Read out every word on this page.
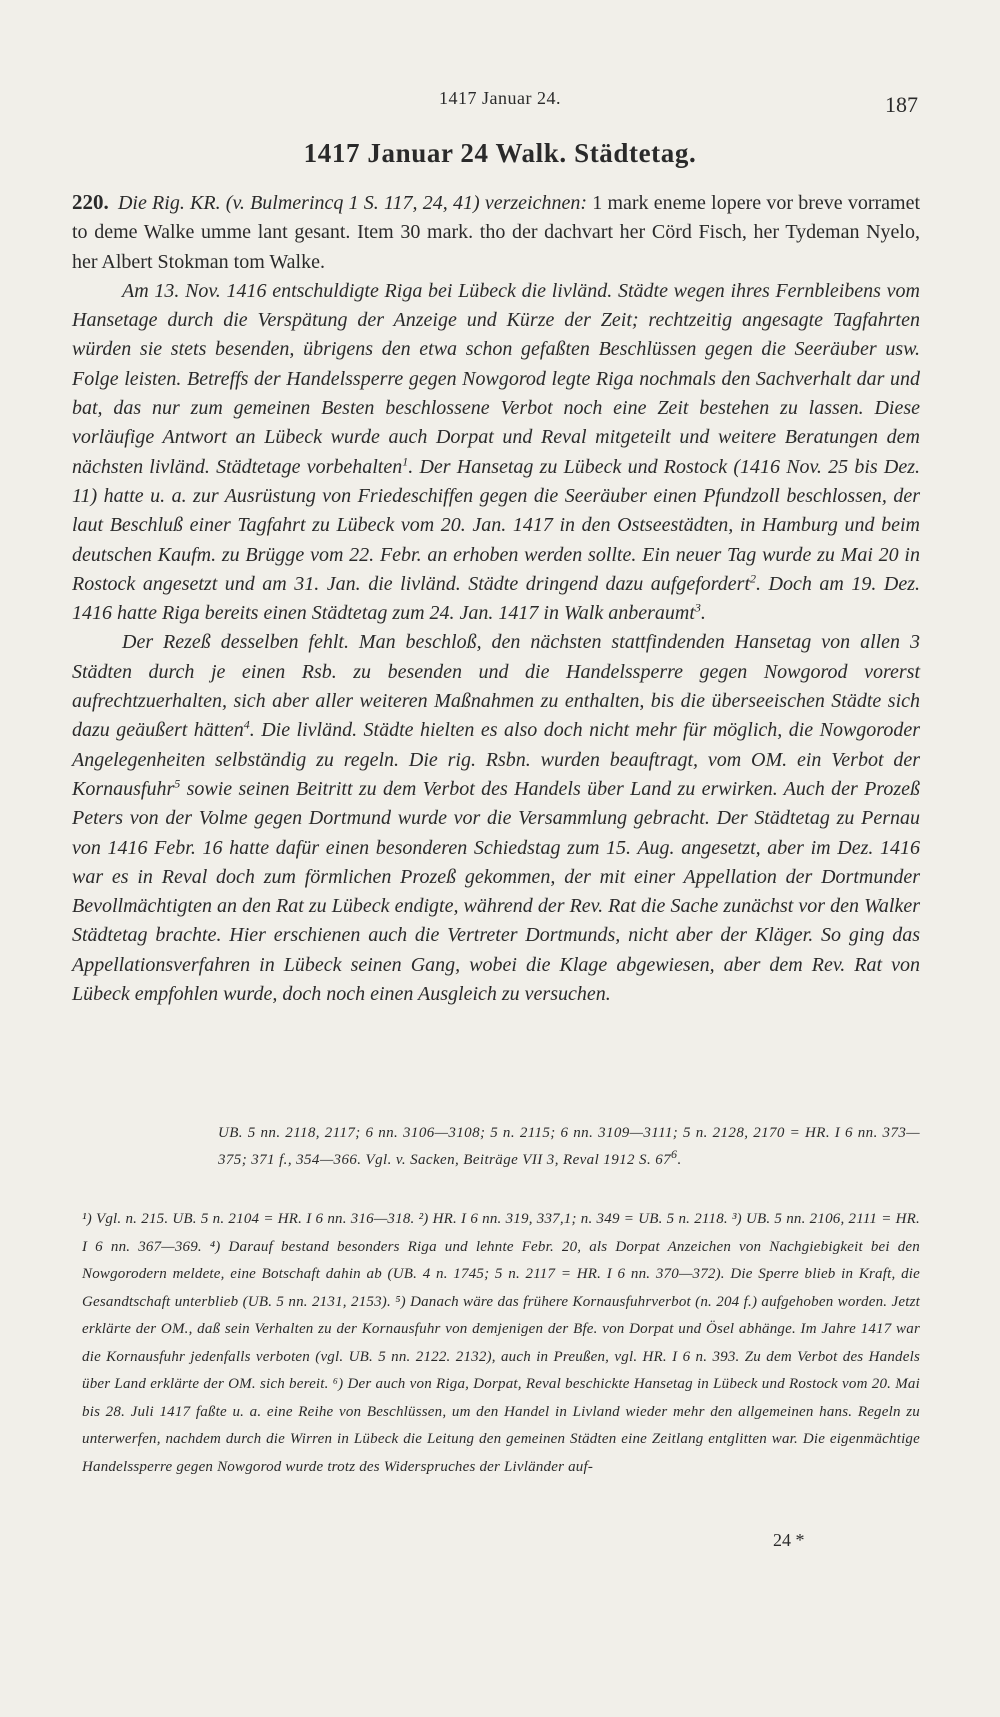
1417 Januar 24.	187
1417 Januar 24 Walk. Städtetag.

220. Die Rig. KR. (v. Bulmerincq 1 S. 117, 24, 41) verzeichnen: 1 mark eneme lopere vor breve vorramet to deme Walke umme lant gesant. Item 30 mark. tho der dachvart her Cörd Fisch, her Tydeman Nyelo, her Albert Stokman tom Walke.

Am 13. Nov. 1416 entschuldigte Riga bei Lübeck die livländ. Städte wegen ihres Fernbleibens vom Hansetage durch die Verspätung der Anzeige und Kürze der Zeit; rechtzeitig angesagte Tagfahrten würden sie stets besenden, übrigens den etwa schon gefaßten Beschlüssen gegen die Seeräuber usw. Folge leisten. Betreffs der Handelssperre gegen Nowgorod legte Riga nochmals den Sachverhalt dar und bat, das nur zum gemeinen Besten beschlossene Verbot noch eine Zeit bestehen zu lassen. Diese vorläufige Antwort an Lübeck wurde auch Dorpat und Reval mitgeteilt und weitere Beratungen dem nächsten livländ. Städtetage vorbehalten$^1$. Der Hansetag zu Lübeck und Rostock (1416 Nov. 25 bis Dez. 11) hatte u. a. zur Ausrüstung von Friedeschiffen gegen die Seeräuber einen Pfundzoll beschlossen, der laut Beschluß einer Tagfahrt zu Lübeck vom 20. Jan. 1417 in den Ostseestädten, in Hamburg und beim deutschen Kaufm. zu Brügge vom 22. Febr. an erhoben werden sollte. Ein neuer Tag wurde zu Mai 20 in Rostock angesetzt und am 31. Jan. die livländ. Städte dringend dazu aufgefordert$^2$. Doch am 19. Dez. 1416 hatte Riga bereits einen Städtetag zum 24. Jan. 1417 in Walk anberaumt$^3$.

Der Rezeß desselben fehlt. Man beschloß, den nächsten stattfindenden Hansetag von allen 3 Städten durch je einen Rsb. zu besenden und die Handelssperre gegen Nowgorod vorerst aufrechtzuerhalten, sich aber aller weiteren Maßnahmen zu enthalten, bis die überseeischen Städte sich dazu geäußert hätten$^4$. Die livländ. Städte hielten es also doch nicht mehr für möglich, die Nowgoroder Angelegenheiten selbständig zu regeln. Die rig. Rsbn. wurden beauftragt, vom OM. ein Verbot der Kornausfuhr$^5$ sowie seinen Beitritt zu dem Verbot des Handels über Land zu erwirken. Auch der Prozeß Peters von der Volme gegen Dortmund wurde vor die Versammlung gebracht. Der Städtetag zu Pernau von 1416 Febr. 16 hatte dafür einen besonderen Schiedstag zum 15. Aug. angesetzt, aber im Dez. 1416 war es in Reval doch zum förmlichen Prozeß gekommen, der mit einer Appellation der Dortmunder Bevollmächtigten an den Rat zu Lübeck endigte, während der Rev. Rat die Sache zunächst vor den Walker Städtetag brachte. Hier erschienen auch die Vertreter Dortmunds, nicht aber der Kläger. So ging das Appellationsverfahren in Lübeck seinen Gang, wobei die Klage abgewiesen, aber dem Rev. Rat von Lübeck empfohlen wurde, doch noch einen Ausgleich zu versuchen.

UB. 5 nn. 2118, 2117; 6 nn. 3106—3108; 5 n. 2115; 6 nn. 3109—3111; 5 n. 2128, 2170 = HR. I 6 nn. 373—375; 371 f., 354—366. Vgl. v. Sacken, Beiträge VII 3, Reval 1912 S. $67^6$.
¹) Vgl. n. 215. UB. 5 n. 2104 = HR. I 6 nn. 316—318. ²) HR. I 6 nn. 319, 337,1; n. 349 = UB. 5 n. 2118. ³) UB. 5 nn. 2106, 2111 = HR. I 6 nn. 367—369. ⁴) Darauf bestand besonders Riga und lehnte Febr. 20, als Dorpat Anzeichen von Nachgiebigkeit bei den Nowgorodern meldete, eine Botschaft dahin ab (UB. 4 n. 1745; 5 n. 2117 = HR. I 6 nn. 370—372). Die Sperre blieb in Kraft, die Gesandtschaft unterblieb (UB. 5 nn. 2131, 2153). ⁵) Danach wäre das frühere Kornausfuhrverbot (n. 204 f.) aufgehoben worden. Jetzt erklärte der OM., daß sein Verhalten zu der Kornausfuhr von demjenigen der Bfe. von Dorpat und Ösel abhänge. Im Jahre 1417 war die Kornausfuhr jedenfalls verboten (vgl. UB. 5 nn. 2122. 2132), auch in Preußen, vgl. HR. I 6 n. 393. Zu dem Verbot des Handels über Land erklärte der OM. sich bereit. ⁶) Der auch von Riga, Dorpat, Reval beschickte Hansetag in Lübeck und Rostock vom 20. Mai bis 28. Juli 1417 faßte u. a. eine Reihe von Beschlüssen, um den Handel in Livland wieder mehr den allgemeinen hans. Regeln zu unterwerfen, nachdem durch die Wirren in Lübeck die Leitung den gemeinen Städten eine Zeitlang entglitten war. Die eigenmächtige Handelssperre gegen Nowgorod wurde trotz des Widerspruches der Livländer auf-
24 *
